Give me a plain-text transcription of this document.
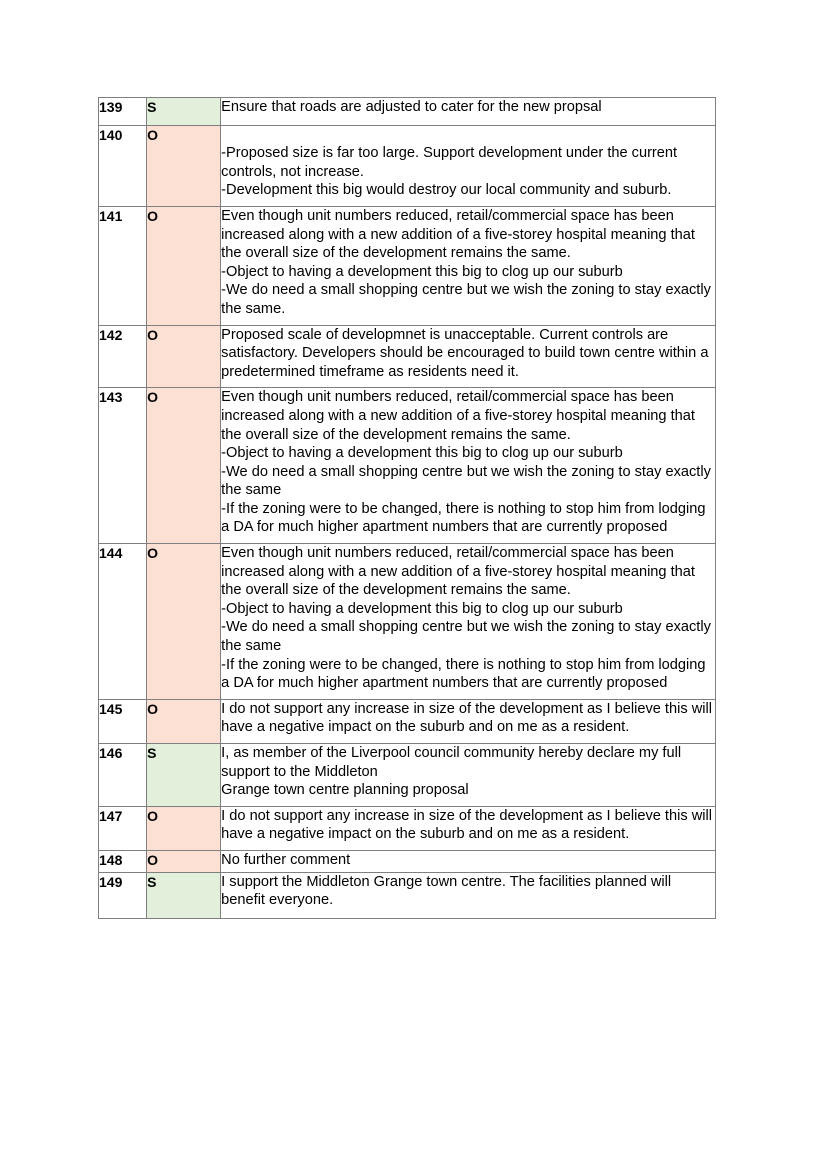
139	S	Ensure that roads are adjusted to cater for the new propsal

140	O	-Proposed size is far too large. Support development under the current controls, not increase.

-Development this big would destroy our local community and suburb.

141	O	Even though unit numbers reduced, retail/commercial space has been increased along with a new addition of a five-storey hospital meaning that the overall size of the development remains the same.

-Object to having a development this big to clog up our suburb

-We do need a small shopping centre but we wish the zoning to stay exactly the same.

142	O	Proposed scale of developmnet is unacceptable. Current controls are satisfactory. Developers should be encouraged to build town centre within a predetermined timeframe as residents need it.

143	O	Even though unit numbers reduced, retail/commercial space has been increased along with a new addition of a five-storey hospital meaning that the overall size of the development remains the same.

-Object to having a development this big to clog up our suburb

-We do need a small shopping centre but we wish the zoning to stay exactly the same

-If the zoning were to be changed, there is nothing to stop him from lodging a DA for much higher apartment numbers that are currently proposed

144	O	Even though unit numbers reduced, retail/commercial space has been increased along with a new addition of a five-storey hospital meaning that the overall size of the development remains the same.

-Object to having a development this big to clog up our suburb

-We do need a small shopping centre but we wish the zoning to stay exactly the same

-If the zoning were to be changed, there is nothing to stop him from lodging a DA for much higher apartment numbers that are currently proposed

145	O	I do not support any increase in size of the development as I believe this will have a negative impact on the suburb and on me as a resident.

146	S	I, as member of the Liverpool council community hereby declare my full support to the Middleton

Grange town centre planning proposal

147	O	I do not support any increase in size of the development as I believe this will have a negative impact on the suburb and on me as a resident.

148	O	No further comment

149	S	I support the Middleton Grange town centre. The facilities planned will benefit everyone.
